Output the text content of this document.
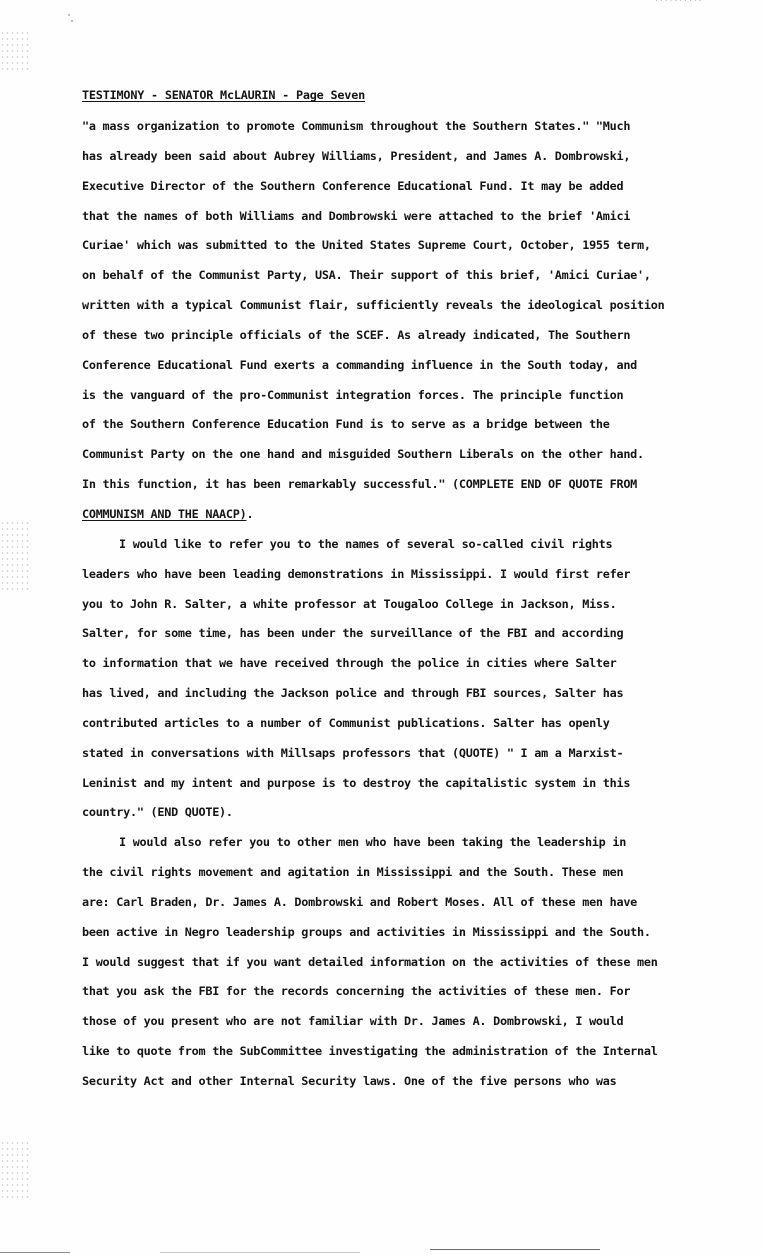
TESTIMONY - SENATOR McLAURIN - Page Seven
"a mass organization to promote Communism throughout the Southern States." "Much
has already been said about Aubrey Williams, President, and James A. Dombrowski,
Executive Director of the Southern Conference Educational Fund. It may be added
that the names of both Williams and Dombrowski were attached to the brief 'Amici
Curiae' which was submitted to the United States Supreme Court, October, 1955 term,
on behalf of the Communist Party, USA. Their support of this brief, 'Amici Curiae',
written with a typical Communist flair, sufficiently reveals the ideological position
of these two principle officials of the SCEF. As already indicated, The Southern
Conference Educational Fund exerts a commanding influence in the South today, and
is the vanguard of the pro-Communist integration forces. The principle function
of the Southern Conference Education Fund is to serve as a bridge between the
Communist Party on the one hand and misguided Southern Liberals on the other hand.
In this function, it has been remarkably successful." (COMPLETE END OF QUOTE FROM
COMMUNISM AND THE NAACP).
I would like to refer you to the names of several so-called civil rights
leaders who have been leading demonstrations in Mississippi. I would first refer
you to John R. Salter, a white professor at Tougaloo College in Jackson, Miss.
Salter, for some time, has been under the surveillance of the FBI and according
to information that we have received through the police in cities where Salter
has lived, and including the Jackson police and through FBI sources, Salter has
contributed articles to a number of Communist publications. Salter has openly
stated in conversations with Millsaps professors that (QUOTE) " I am a Marxist-
Leninist and my intent and purpose is to destroy the capitalistic system in this
country." (END QUOTE).
I would also refer you to other men who have been taking the leadership in
the civil rights movement and agitation in Mississippi and the South. These men
are: Carl Braden, Dr. James A. Dombrowski and Robert Moses. All of these men have
been active in Negro leadership groups and activities in Mississippi and the South.
I would suggest that if you want detailed information on the activities of these men
that you ask the FBI for the records concerning the activities of these men. For
those of you present who are not familiar with Dr. James A. Dombrowski, I would
like to quote from the SubCommittee investigating the administration of the Internal
Security Act and other Internal Security laws. One of the five persons who was
